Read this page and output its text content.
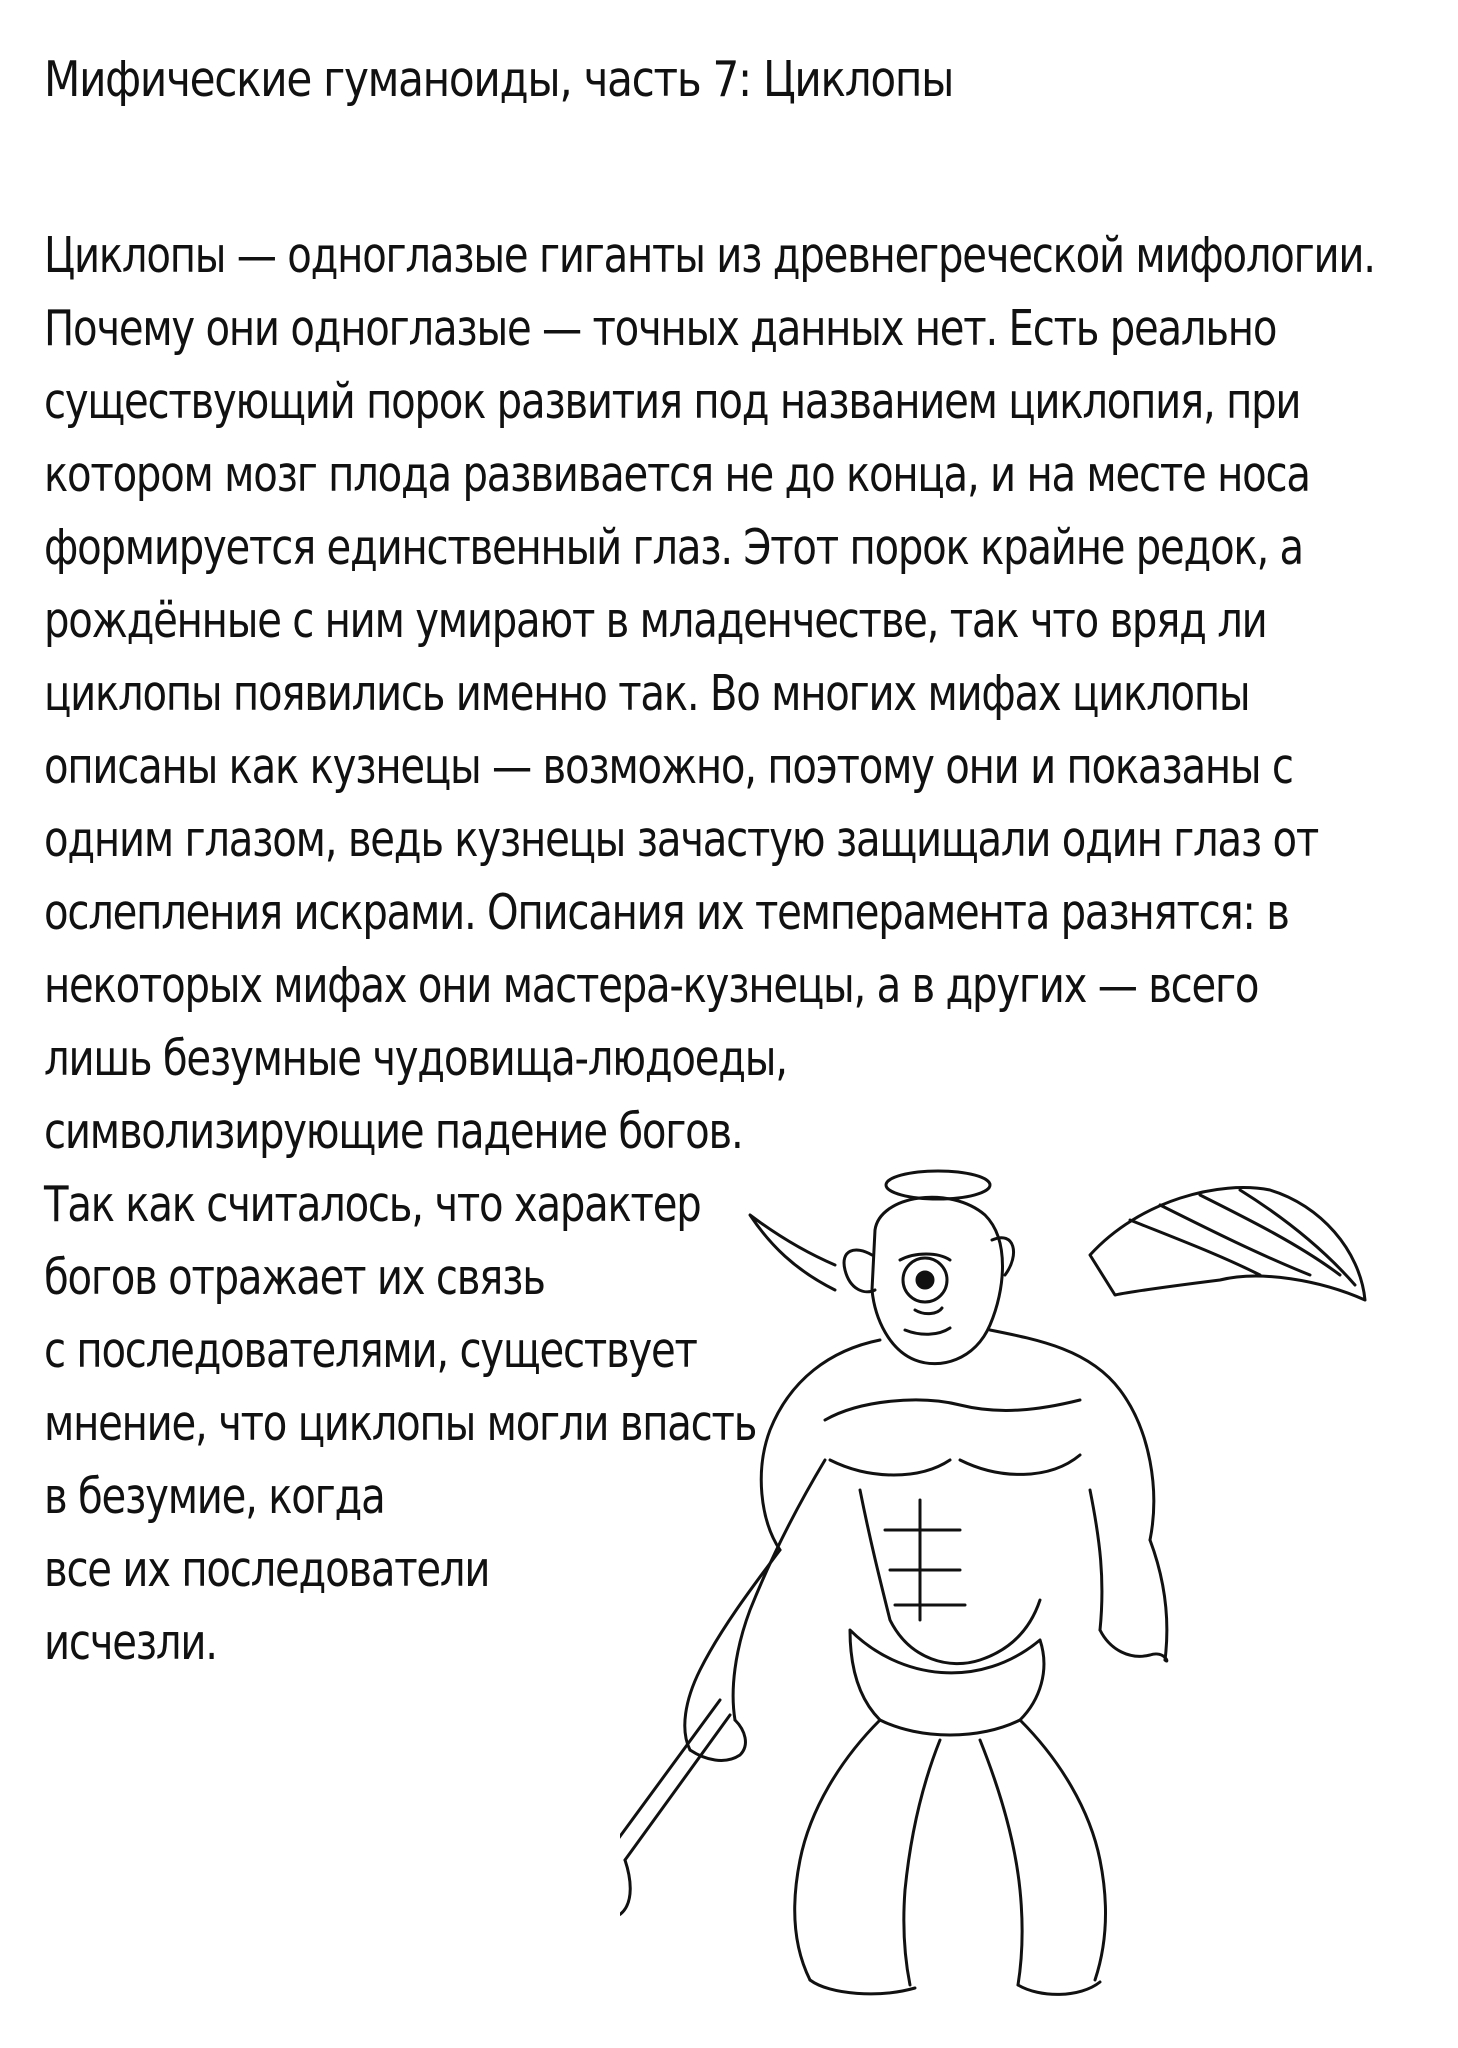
Мифические гуманоиды, часть 7: Циклопы
Циклопы — одноглазые гиганты из древнегреческой мифологии.
Почему они одноглазые — точных данных нет. Есть реально
существующий порок развития под названием циклопия, при
котором мозг плода развивается не до конца, и на месте носа
формируется единственный глаз. Этот порок крайне редок, а
рождённые с ним умирают в младенчестве, так что вряд ли
циклопы появились именно так. Во многих мифах циклопы
описаны как кузнецы — возможно, поэтому они и показаны с
одним глазом, ведь кузнецы зачастую защищали один глаз от
ослепления искрами. Описания их темперамента разнятся: в
некоторых мифах они мастера-кузнецы, а в других — всего
лишь безумные чудовища-людоеды,
символизирующие падение богов.
Так как считалось, что характер
богов отражает их связь
с последователями, существует
мнение, что циклопы могли впасть
в безумие, когда
все их последователи
исчезли.
